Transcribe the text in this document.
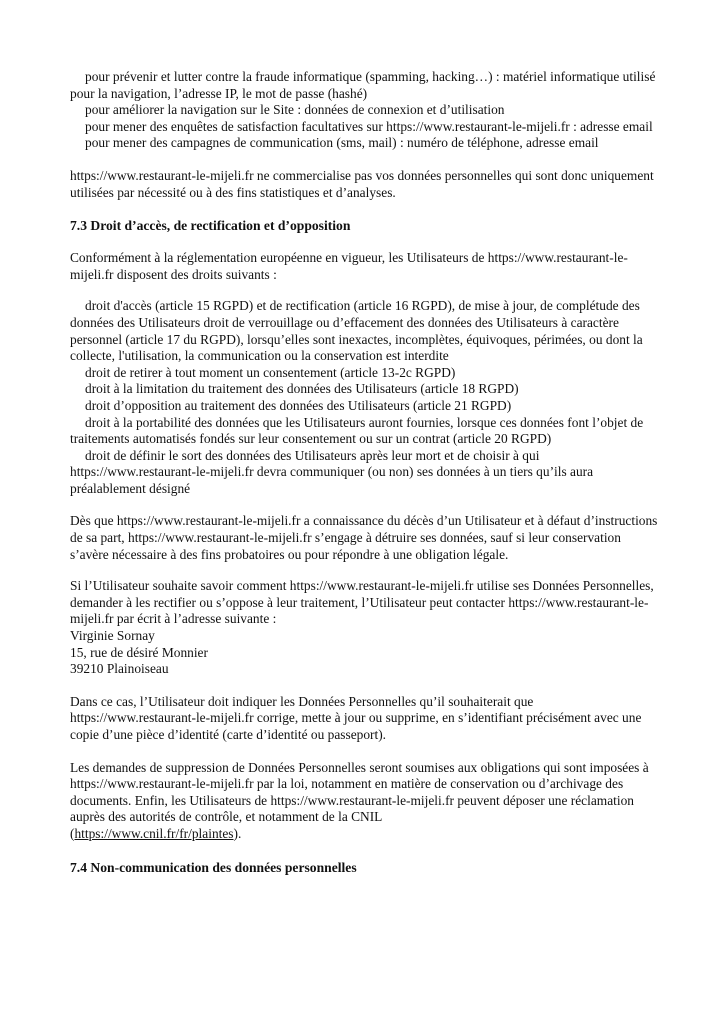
pour prévenir et lutter contre la fraude informatique (spamming, hacking…) : matériel informatique utilisé pour la navigation, l’adresse IP, le mot de passe (hashé)

pour améliorer la navigation sur le Site : données de connexion et d’utilisation

pour mener des enquêtes de satisfaction facultatives sur https://www.restaurant-le-mijeli.fr : adresse email

pour mener des campagnes de communication (sms, mail) : numéro de téléphone, adresse email

https://www.restaurant-le-mijeli.fr ne commercialise pas vos données personnelles qui sont donc uniquement utilisées par nécessité ou à des fins statistiques et d’analyses.

7.3 Droit d’accès, de rectification et d’opposition

Conformément à la réglementation européenne en vigueur, les Utilisateurs de https://www.restaurant-le-mijeli.fr disposent des droits suivants :

droit d'accès (article 15 RGPD) et de rectification (article 16 RGPD), de mise à jour, de complétude des données des Utilisateurs droit de verrouillage ou d’effacement des données des Utilisateurs à caractère personnel (article 17 du RGPD), lorsqu’elles sont inexactes, incomplètes, équivoques, périmées, ou dont la collecte, l'utilisation, la communication ou la conservation est interdite

droit de retirer à tout moment un consentement (article 13-2c RGPD)

droit à la limitation du traitement des données des Utilisateurs (article 18 RGPD)

droit d’opposition au traitement des données des Utilisateurs (article 21 RGPD)

droit à la portabilité des données que les Utilisateurs auront fournies, lorsque ces données font l’objet de traitements automatisés fondés sur leur consentement ou sur un contrat (article 20 RGPD)

droit de définir le sort des données des Utilisateurs après leur mort et de choisir à qui https://www.restaurant-le-mijeli.fr devra communiquer (ou non) ses données à un tiers qu’ils aura préalablement désigné

Dès que https://www.restaurant-le-mijeli.fr a connaissance du décès d’un Utilisateur et à défaut d’instructions de sa part, https://www.restaurant-le-mijeli.fr s’engage à détruire ses données, sauf si leur conservation s’avère nécessaire à des fins probatoires ou pour répondre à une obligation légale.

Si l’Utilisateur souhaite savoir comment https://www.restaurant-le-mijeli.fr utilise ses Données Personnelles, demander à les rectifier ou s’oppose à leur traitement, l’Utilisateur peut contacter https://www.restaurant-le-mijeli.fr par écrit à l’adresse suivante :

Virginie Sornay

15, rue de désiré Monnier

39210 Plainoiseau

Dans ce cas, l’Utilisateur doit indiquer les Données Personnelles qu’il souhaiterait que https://www.restaurant-le-mijeli.fr corrige, mette à jour ou supprime, en s’identifiant précisément avec une copie d’une pièce d’identité (carte d’identité ou passeport).

Les demandes de suppression de Données Personnelles seront soumises aux obligations qui sont imposées à https://www.restaurant-le-mijeli.fr par la loi, notamment en matière de conservation ou d’archivage des documents. Enfin, les Utilisateurs de https://www.restaurant-le-mijeli.fr peuvent déposer une réclamation auprès des autorités de contrôle, et notamment de la CNIL

(https://www.cnil.fr/fr/plaintes).

7.4 Non-communication des données personnelles
